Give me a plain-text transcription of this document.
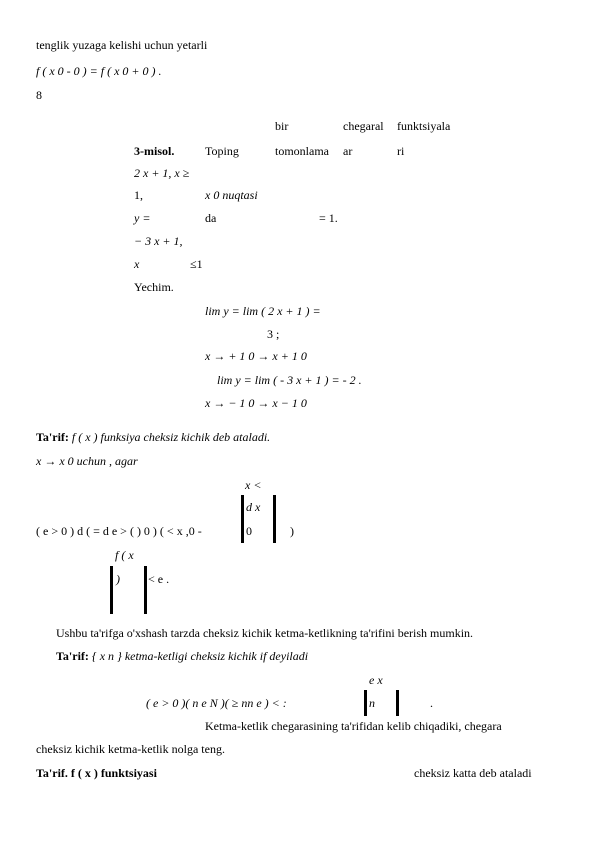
tenglik yuzaga kelishi uchun yetarli
f ( x 0 - 0 ) = f ( x 0 + 0 ) .
8
bir	chegaral funktsiyala
3-misol.	Toping	tomonlama ar	ri
2 x + 1, x ≥
1,	x 0 nuqtasi
y =	da	= 1.
− 3 x + 1,
x	≤1
Yechim.
lim y = lim ( 2 x + 1 ) =
3 ;
x → + 1 0 → x + 1 0
lim y = lim ( - 3 x + 1 ) = - 2 .
x → − 1 0 → x − 1 0
Ta'rif: f ( x ) funksiya cheksiz kichik deb ataladi.
x → x 0 uchun , agar
x <
d x
( e > 0 ) d ( = d e > ( ) 0 ) ( < x ,0 -	0	)
f ( x
) < e .
Ushbu ta'rifga o'xshash tarzda cheksiz kichik ketma-ketlikning ta'rifini berish mumkin.
Ta'rif: { x n } ketma-ketligi cheksiz kichik if deyiladi
e x
( e > 0 )( n e N )( ≥ nn e ) < :	n	.
Ketma-ketlik chegarasining ta'rifidan kelib chiqadiki, chegara
cheksiz kichik ketma-ketlik nolga teng.
Ta'rif. f ( x ) funktsiyasi	cheksiz katta deb ataladi
